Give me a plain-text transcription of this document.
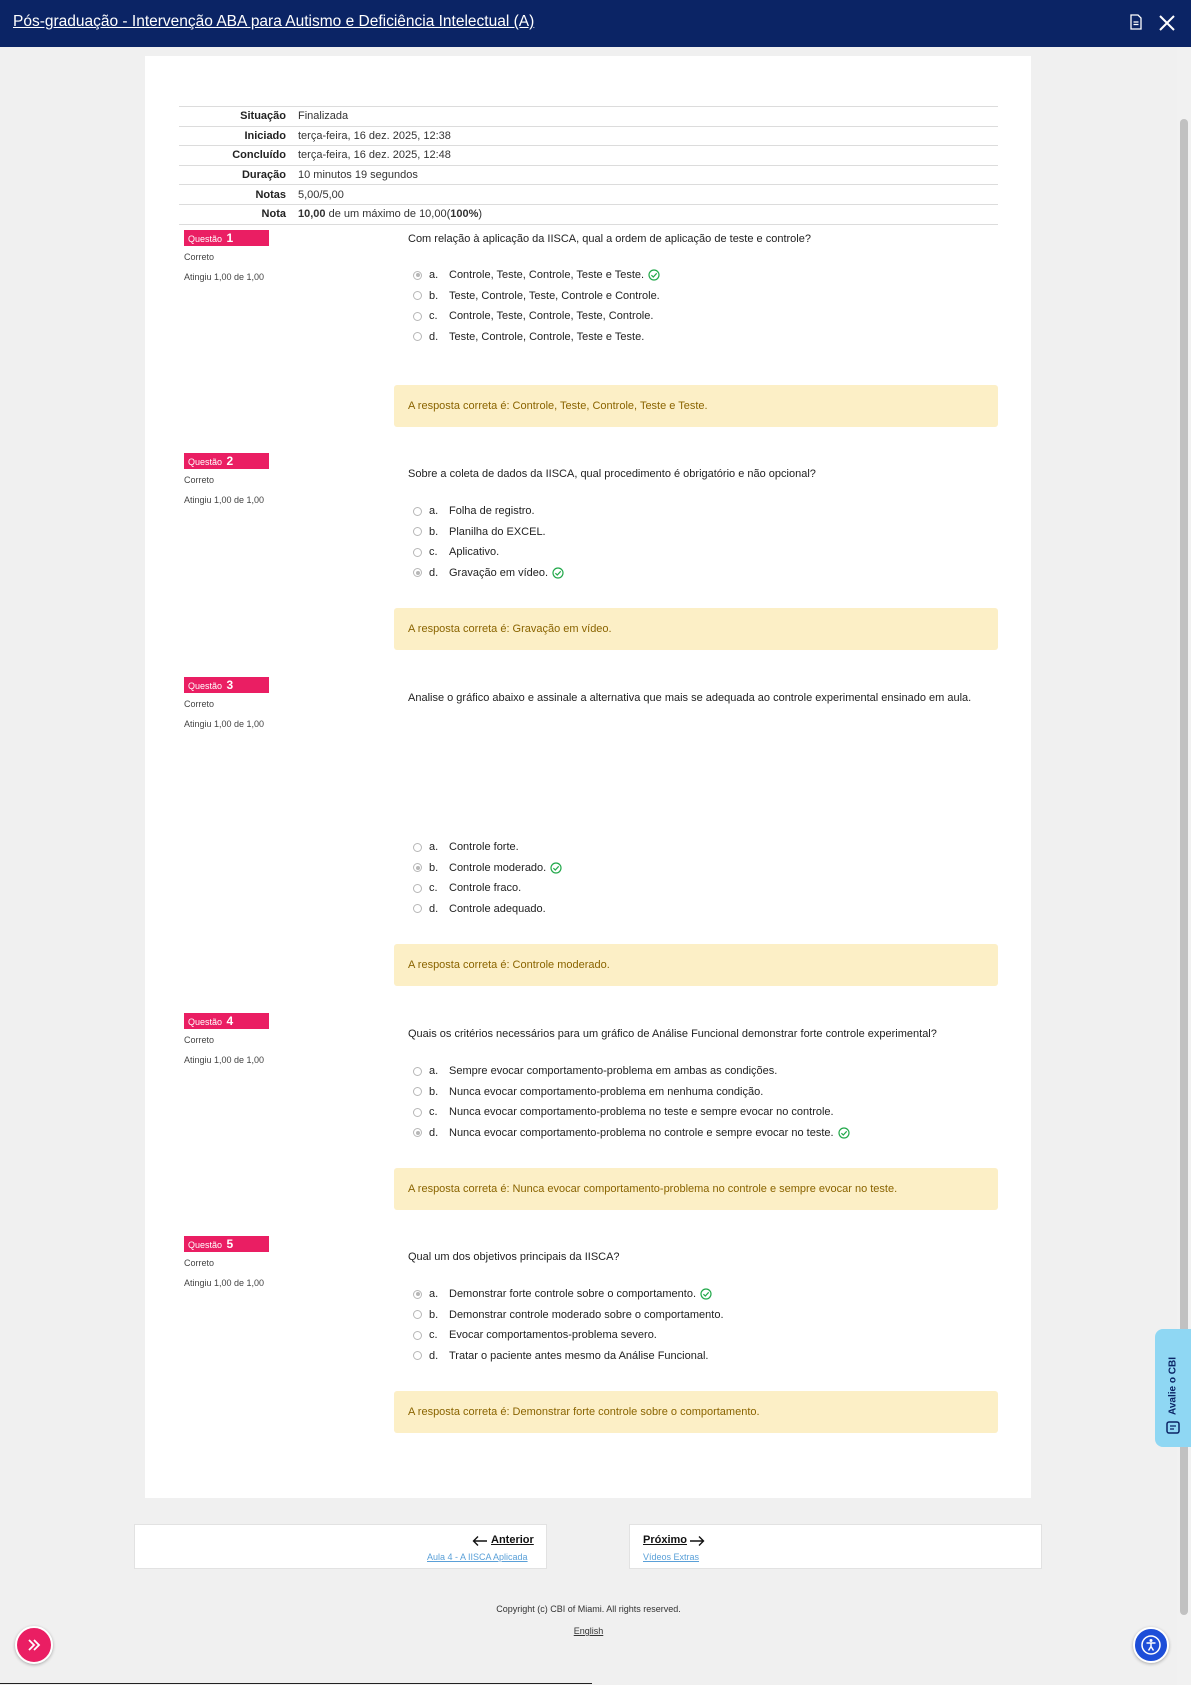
Pós-graduação - Intervenção ABA para Autismo e Deficiência Intelectual (A)
Situação	Finalizada
Iniciado	terça-feira, 16 dez. 2025, 12:38
Concluído	terça-feira, 16 dez. 2025, 12:48
Duração	10 minutos 19 segundos
Notas	5,00/5,00
Nota	10,00 de um máximo de 10,00(100%)
Questão 1
Correto
Atingiu 1,00 de 1,00
Com relação à aplicação da IISCA, qual a ordem de aplicação de teste e controle?
a. Controle, Teste, Controle, Teste e Teste.
b. Teste, Controle, Teste, Controle e Controle.
c.	Controle, Teste, Controle, Teste, Controle.
d. Teste, Controle, Controle, Teste e Teste.
A resposta correta é: Controle, Teste, Controle, Teste e Teste.
Questão 2
Correto
Atingiu 1,00 de 1,00
Sobre a coleta de dados da IISCA, qual procedimento é obrigatório e não opcional?
a. Folha de registro.
b. Planilha do EXCEL.
c.	Aplicativo.
d. Gravação em vídeo.
A resposta correta é: Gravação em vídeo.
Questão 3
Correto
Atingiu 1,00 de 1,00
Analise o gráfico abaixo e assinale a alternativa que mais se adequada ao controle experimental ensinado em aula.
a. Controle forte.
b. Controle moderado.
c.	Controle fraco.
d. Controle adequado.
A resposta correta é: Controle moderado.
Questão 4
Correto
Atingiu 1,00 de 1,00
Quais os critérios necessários para um gráfico de Análise Funcional demonstrar forte controle experimental?
a. Sempre evocar comportamento-problema em ambas as condições.
b. Nunca evocar comportamento-problema em nenhuma condição.
c.	Nunca evocar comportamento-problema no teste e sempre evocar no controle.
d. Nunca evocar comportamento-problema no controle e sempre evocar no teste.
A resposta correta é: Nunca evocar comportamento-problema no controle e sempre evocar no teste.
Questão 5
Correto
Atingiu 1,00 de 1,00
Qual um dos objetivos principais da IISCA?
a. Demonstrar forte controle sobre o comportamento.
b. Demonstrar controle moderado sobre o comportamento.
c.	Evocar comportamentos-problema severo.
d. Tratar o paciente antes mesmo da Análise Funcional.
A resposta correta é: Demonstrar forte controle sobre o comportamento.
Anterior
Aula 4 - A IISCA Aplicada
Próximo
Vídeos Extras
Copyright (c) CBI of Miami. All rights reserved.
English
Avalie o CBI
